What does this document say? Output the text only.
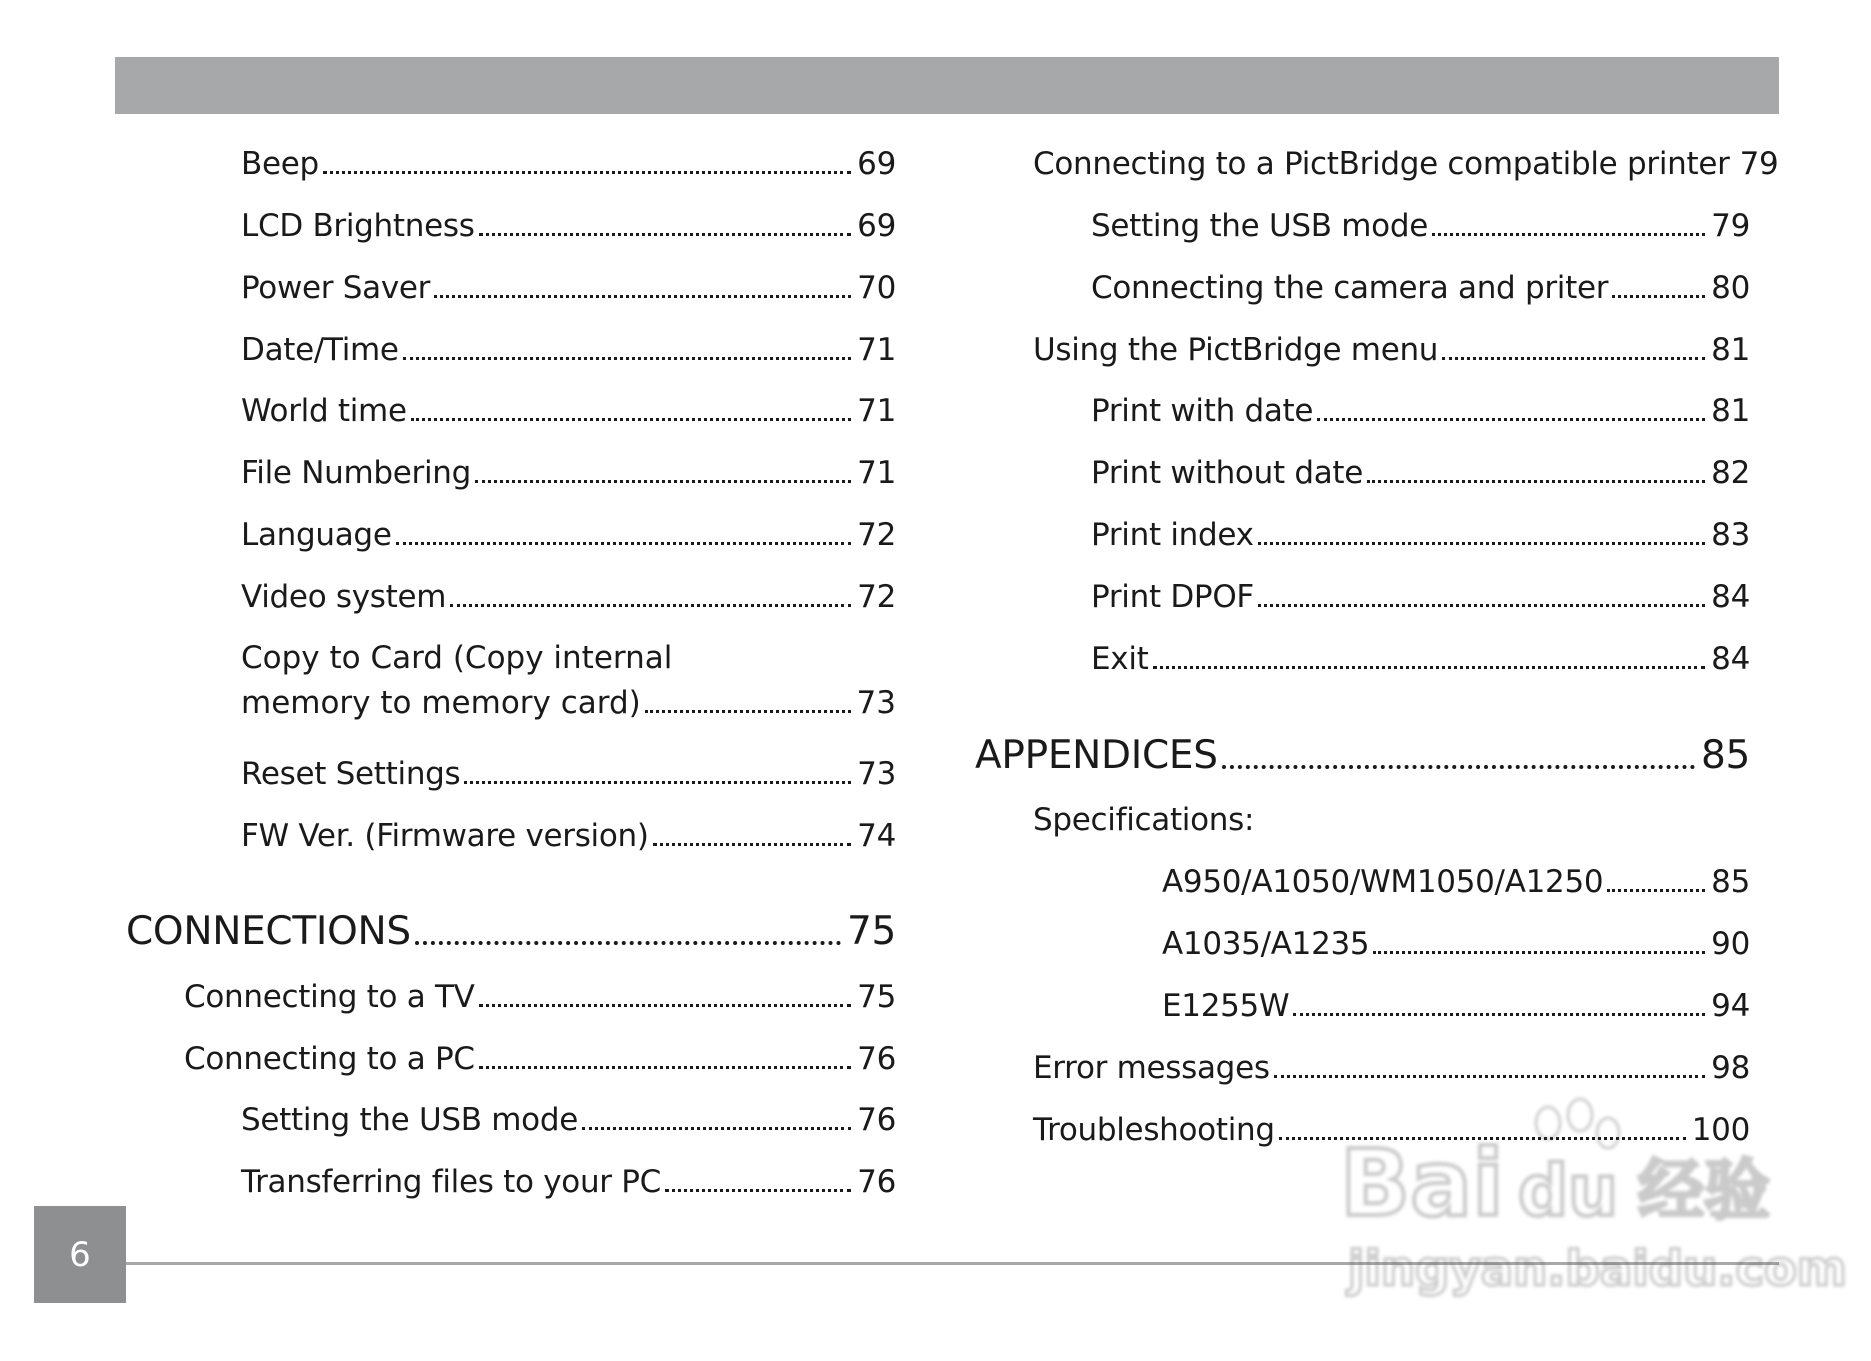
Beep	69
LCD Brightness	69
Power Saver	70
Date/Time	71
World time	71
File Numbering	71
Language	72
Video system	72
Copy to Card (Copy internal
memory to memory card)	73
Reset Settings	73
FW Ver. (Firmware version)	74
CONNECTIONS	75
Connecting to a TV	75
Connecting to a PC	76
Setting the USB mode	76
Transferring files to your PC	76
Connecting to a PictBridge compatible printer 79
Setting the USB mode	79
Connecting the camera and priter	80
Using the PictBridge menu	81
Print with date	81
Print without date	82
Print index	83
Print DPOF	84
Exit	84
APPENDICES	85
Specifications:
A950/A1050/WM1050/A1250	85
A1035/A1235	90
E1255W	94
Error messages	98
Troubleshooting	100
6
Bai du 经验
jingyan.baidu.com
